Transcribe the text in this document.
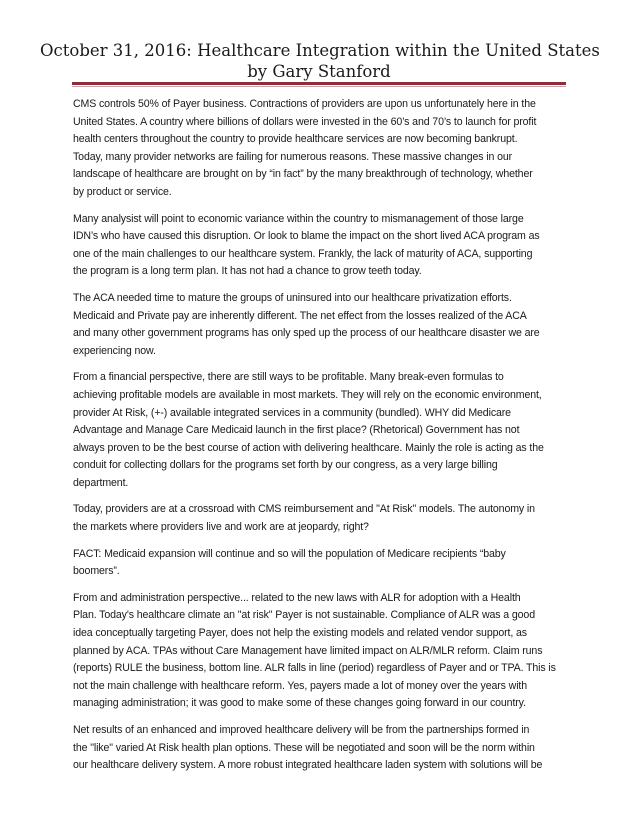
October 31, 2016: Healthcare Integration within the United States
by Gary Stanford

CMS controls 50% of Payer business. Contractions of providers are upon us unfortunately here in the
United States. A country where billions of dollars were invested in the 60’s and 70’s to launch for profit
health centers throughout the country to provide healthcare services are now becoming bankrupt.
Today, many provider networks are failing for numerous reasons. These massive changes in our
landscape of healthcare are brought on by “in fact” by the many breakthrough of technology, whether
by product or service.

Many analysist will point to economic variance within the country to mismanagement of those large
IDN’s who have caused this disruption. Or look to blame the impact on the short lived ACA program as
one of the main challenges to our healthcare system. Frankly, the lack of maturity of ACA, supporting
the program is a long term plan. It has not had a chance to grow teeth today.

The ACA needed time to mature the groups of uninsured into our healthcare privatization efforts.
Medicaid and Private pay are inherently different. The net effect from the losses realized of the ACA
and many other government programs has only sped up the process of our healthcare disaster we are
experiencing now.

From a financial perspective, there are still ways to be profitable. Many break-even formulas to
achieving profitable models are available in most markets. They will rely on the economic environment,
provider At Risk, (+-) available integrated services in a community (bundled). WHY did Medicare
Advantage and Manage Care Medicaid launch in the first place? (Rhetorical) Government has not
always proven to be the best course of action with delivering healthcare. Mainly the role is acting as the
conduit for collecting dollars for the programs set forth by our congress, as a very large billing
department.

Today, providers are at a crossroad with CMS reimbursement and "At Risk" models. The autonomy in
the markets where providers live and work are at jeopardy, right?

FACT: Medicaid expansion will continue and so will the population of Medicare recipients “baby
boomers”.

From and administration perspective... related to the new laws with ALR for adoption with a Health
Plan. Today's healthcare climate an "at risk" Payer is not sustainable. Compliance of ALR was a good
idea conceptually targeting Payer, does not help the existing models and related vendor support, as
planned by ACA. TPAs without Care Management have limited impact on ALR/MLR reform. Claim runs
(reports) RULE the business, bottom line. ALR falls in line (period) regardless of Payer and or TPA. This is
not the main challenge with healthcare reform. Yes, payers made a lot of money over the years with
managing administration; it was good to make some of these changes going forward in our country.

Net results of an enhanced and improved healthcare delivery will be from the partnerships formed in
the "like" varied At Risk health plan options. These will be negotiated and soon will be the norm within
our healthcare delivery system. A more robust integrated healthcare laden system with solutions will be
